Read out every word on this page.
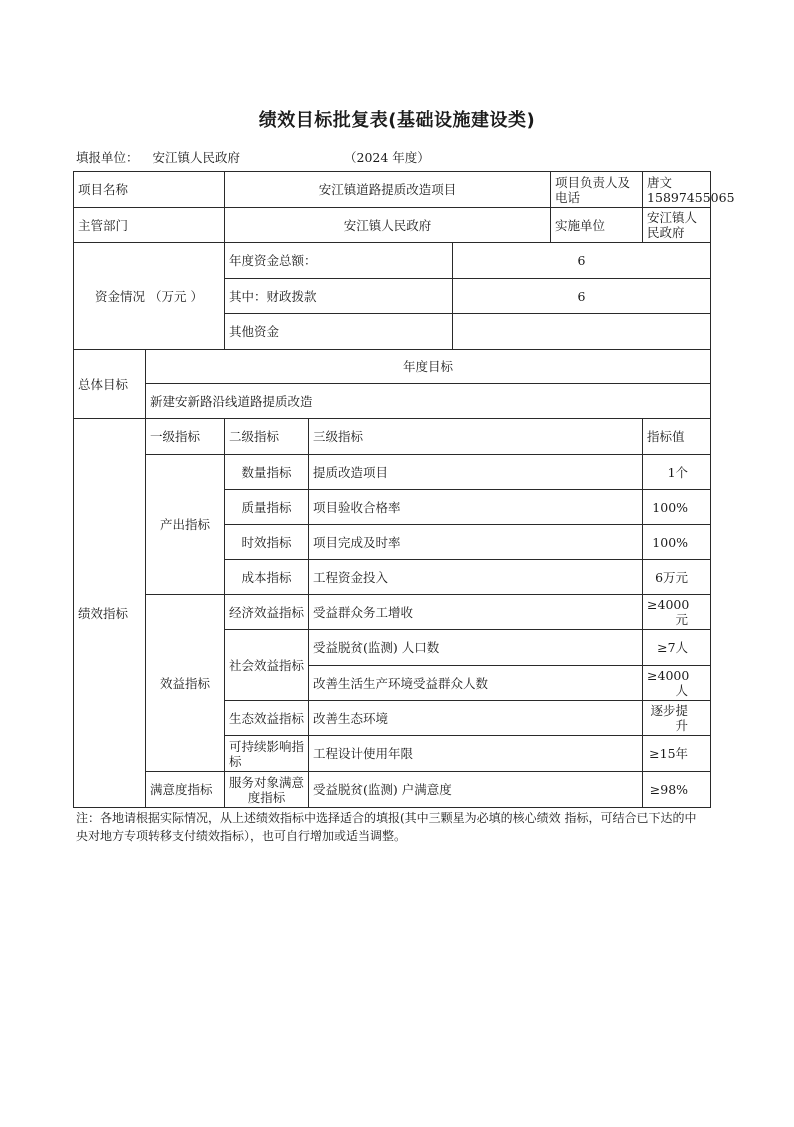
绩效目标批复表(基础设施建设类)
填报单位： 安江镇人民政府	（2024 年度）
项目名称		安江镇道路提质改造项目			项目负责人及电话	唐文15897455065
主管部门		安江镇人民政府			实施单位	安江镇人民政府
资金情况 （万元 ）		年度资金总额：		6		
		其中：财政拨款		6		
		其他资金				
总体目标	年度目标					
	新建安新路沿线道路提质改造					
绩效指标	一级指标	二级指标	三级指标			指标值
	产出指标	数量指标	提质改造项目			1个
		质量指标	项目验收合格率			100%
		时效指标	项目完成及时率			100%
		成本指标	工程资金投入			6万元
	效益指标	经济效益指标	受益群众务工增收			≥4000元
		社会效益指标	受益脱贫(监测) 人口数			≥7人
			改善生活生产环境受益群众人数			≥4000人
		生态效益指标	改善生态环境			逐步提升
		可持续影响指标	工程设计使用年限			≥15年
	满意度指标	服务对象满意度指标	受益脱贫(监测) 户满意度			≥98%
注：各地请根据实际情况，从上述绩效指标中选择适合的填报(其中三颗星为必填的核心绩效 指标，可结合已下达的中央对地方专项转移支付绩效指标），也可自行增加或适当调整。
